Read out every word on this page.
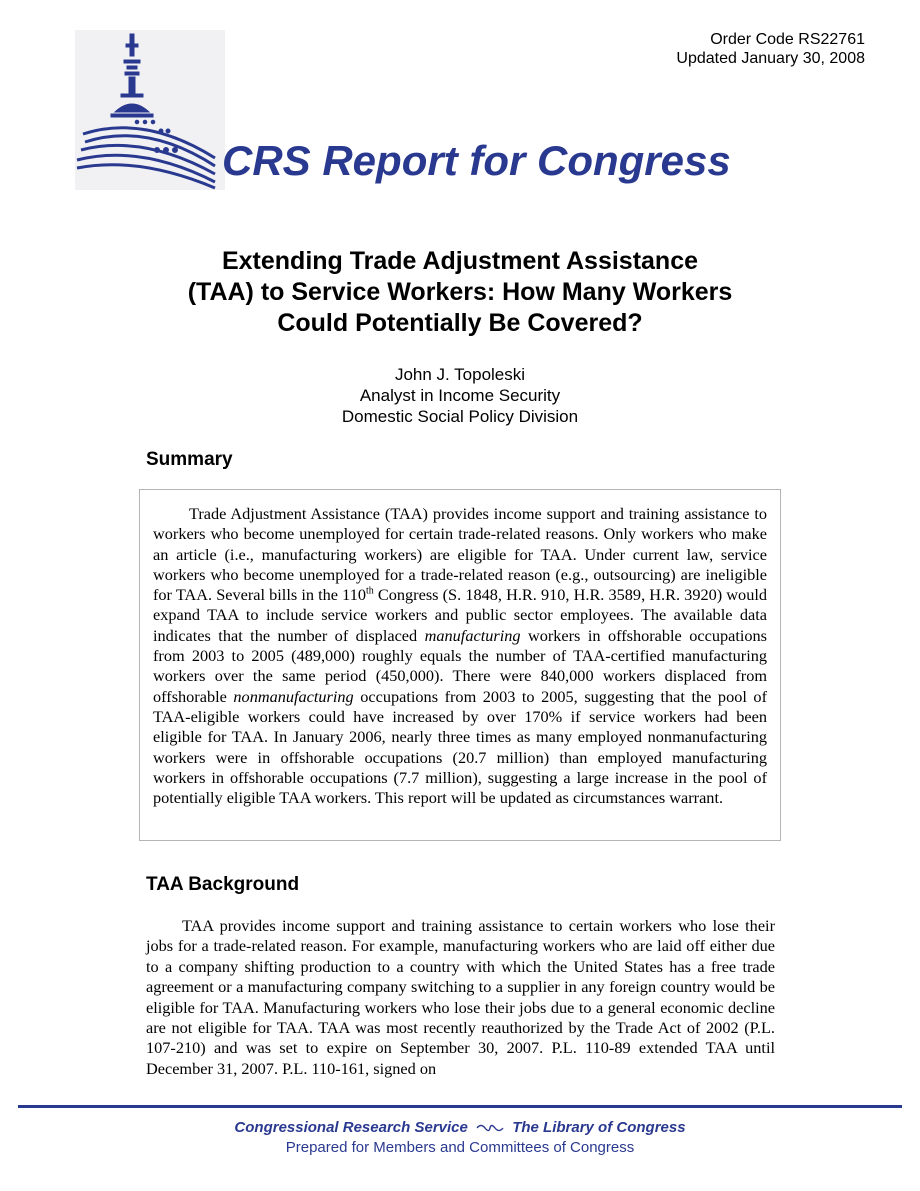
Order Code RS22761
Updated January 30, 2008
CRS Report for Congress
Extending Trade Adjustment Assistance
(TAA) to Service Workers: How Many Workers
Could Potentially Be Covered?
John J. Topoleski
Analyst in Income Security
Domestic Social Policy Division
Summary

Trade Adjustment Assistance (TAA) provides income support and training assistance to workers who become unemployed for certain trade-related reasons. Only workers who make an article (i.e., manufacturing workers) are eligible for TAA. Under current law, service workers who become unemployed for a trade-related reason (e.g., outsourcing) are ineligible for TAA. Several bills in the 110th Congress (S. 1848, H.R. 910, H.R. 3589, H.R. 3920) would expand TAA to include service workers and public sector employees. The available data indicates that the number of displaced manufacturing workers in offshorable occupations from 2003 to 2005 (489,000) roughly equals the number of TAA-certified manufacturing workers over the same period (450,000). There were 840,000 workers displaced from offshorable nonmanufacturing occupations from 2003 to 2005, suggesting that the pool of TAA-eligible workers could have increased by over 170% if service workers had been eligible for TAA. In January 2006, nearly three times as many employed nonmanufacturing workers were in offshorable occupations (20.7 million) than employed manufacturing workers in offshorable occupations (7.7 million), suggesting a large increase in the pool of potentially eligible TAA workers. This report will be updated as circumstances warrant.

TAA Background

TAA provides income support and training assistance to certain workers who lose their jobs for a trade-related reason. For example, manufacturing workers who are laid off either due to a company shifting production to a country with which the United States has a free trade agreement or a manufacturing company switching to a supplier in any foreign country would be eligible for TAA. Manufacturing workers who lose their jobs due to a general economic decline are not eligible for TAA. TAA was most recently reauthorized by the Trade Act of 2002 (P.L. 107-210) and was set to expire on September 30, 2007. P.L. 110-89 extended TAA until December 31, 2007. P.L. 110-161, signed on

Congressional Research Service	The Library of Congress
Prepared for Members and Committees of Congress
